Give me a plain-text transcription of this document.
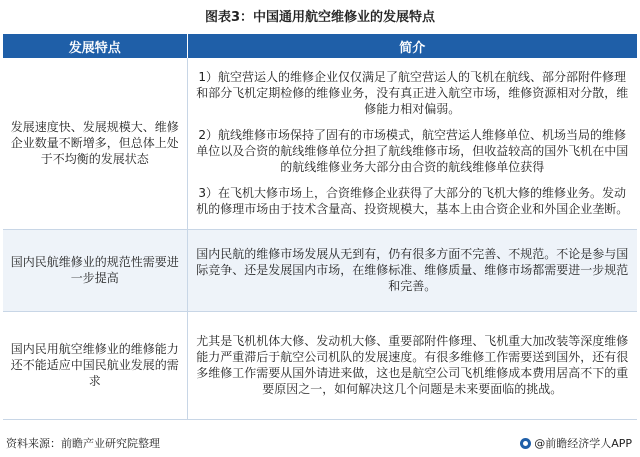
图表3：中国通用航空维修业的发展特点
发展特点	简介
发展速度快、发展规模大、维修企业数量不断增多，但总体上处于不均衡的发展状态	1）航空营运人的维修企业仅仅满足了航空营运人的飞机在航线、部分部附件修理和部分飞机定期检修的维修业务，没有真正进入航空市场，维修资源相对分散，维修能力相对偏弱。
2）航线维修市场保持了固有的市场模式，航空营运人维修单位、机场当局的维修单位以及合资的航线维修单位分担了航线维修市场，但收益较高的国外飞机在中国的航线维修业务大部分由合资的航线维修单位获得
3）在飞机大修市场上，合资维修企业获得了大部分的飞机大修的维修业务。发动机的修理市场由于技术含量高、投资规模大，基本上由合资企业和外国企业垄断。

国内民航维修业的规范性需要进一步提高	国内民航的维修市场发展从无到有，仍有很多方面不完善、不规范。不论是参与国际竞争、还是发展国内市场，在维修标准、维修质量、维修市场都需要进一步规范和完善。

国内民用航空维修业的维修能力还不能适应中国民航业发展的需求	尤其是飞机机体大修、发动机大修、重要部附件修理、飞机重大加改装等深度维修能力严重滞后于航空公司机队的发展速度。有很多维修工作需要送到国外，还有很多维修工作需要从国外请进来做，这也是航空公司飞机维修成本费用居高不下的重要原因之一，如何解决这几个问题是未来要面临的挑战。
资料来源：前瞻产业研究院整理	@前瞻经济学人APP
